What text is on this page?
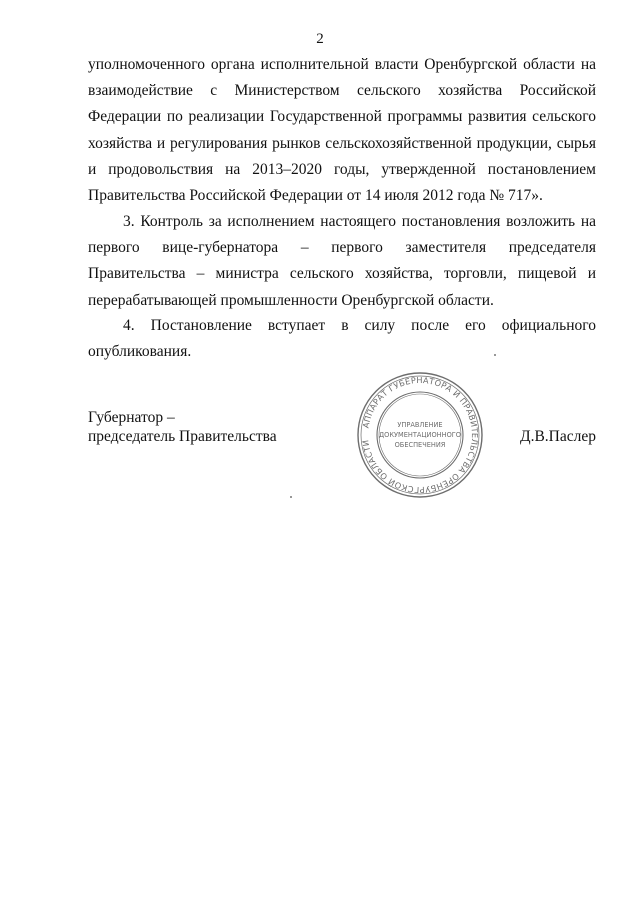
2
уполномоченного органа исполнительной власти Оренбургской области на
взаимодействие с Министерством сельского хозяйства Российской
Федерации по реализации Государственной программы развития сельского
хозяйства и регулирования рынков сельскохозяйственной продукции, сырья
и продовольствия на 2013–2020 годы, утвержденной постановлением
Правительства Российской Федерации от 14 июля 2012 года № 717».
3. Контроль за исполнением настоящего постановления возложить на
первого вице-губернатора – первого заместителя председателя
Правительства – министра сельского хозяйства, торговли, пищевой и
перерабатывающей промышленности Оренбургской области.
4. Постановление вступает в силу после его официального
опубликования.
Губернатор –
председатель Правительства
АППАРАТ ГУБЕРНАТОРА И ПРАВИТЕЛЬСТВА ОРЕНБУРГСКОЙ ОБЛАСТИ
УПРАВЛЕНИЕ
ДОКУМЕНТАЦИОННОГО
ОБЕСПЕЧЕНИЯ	Д.В.Паслер
